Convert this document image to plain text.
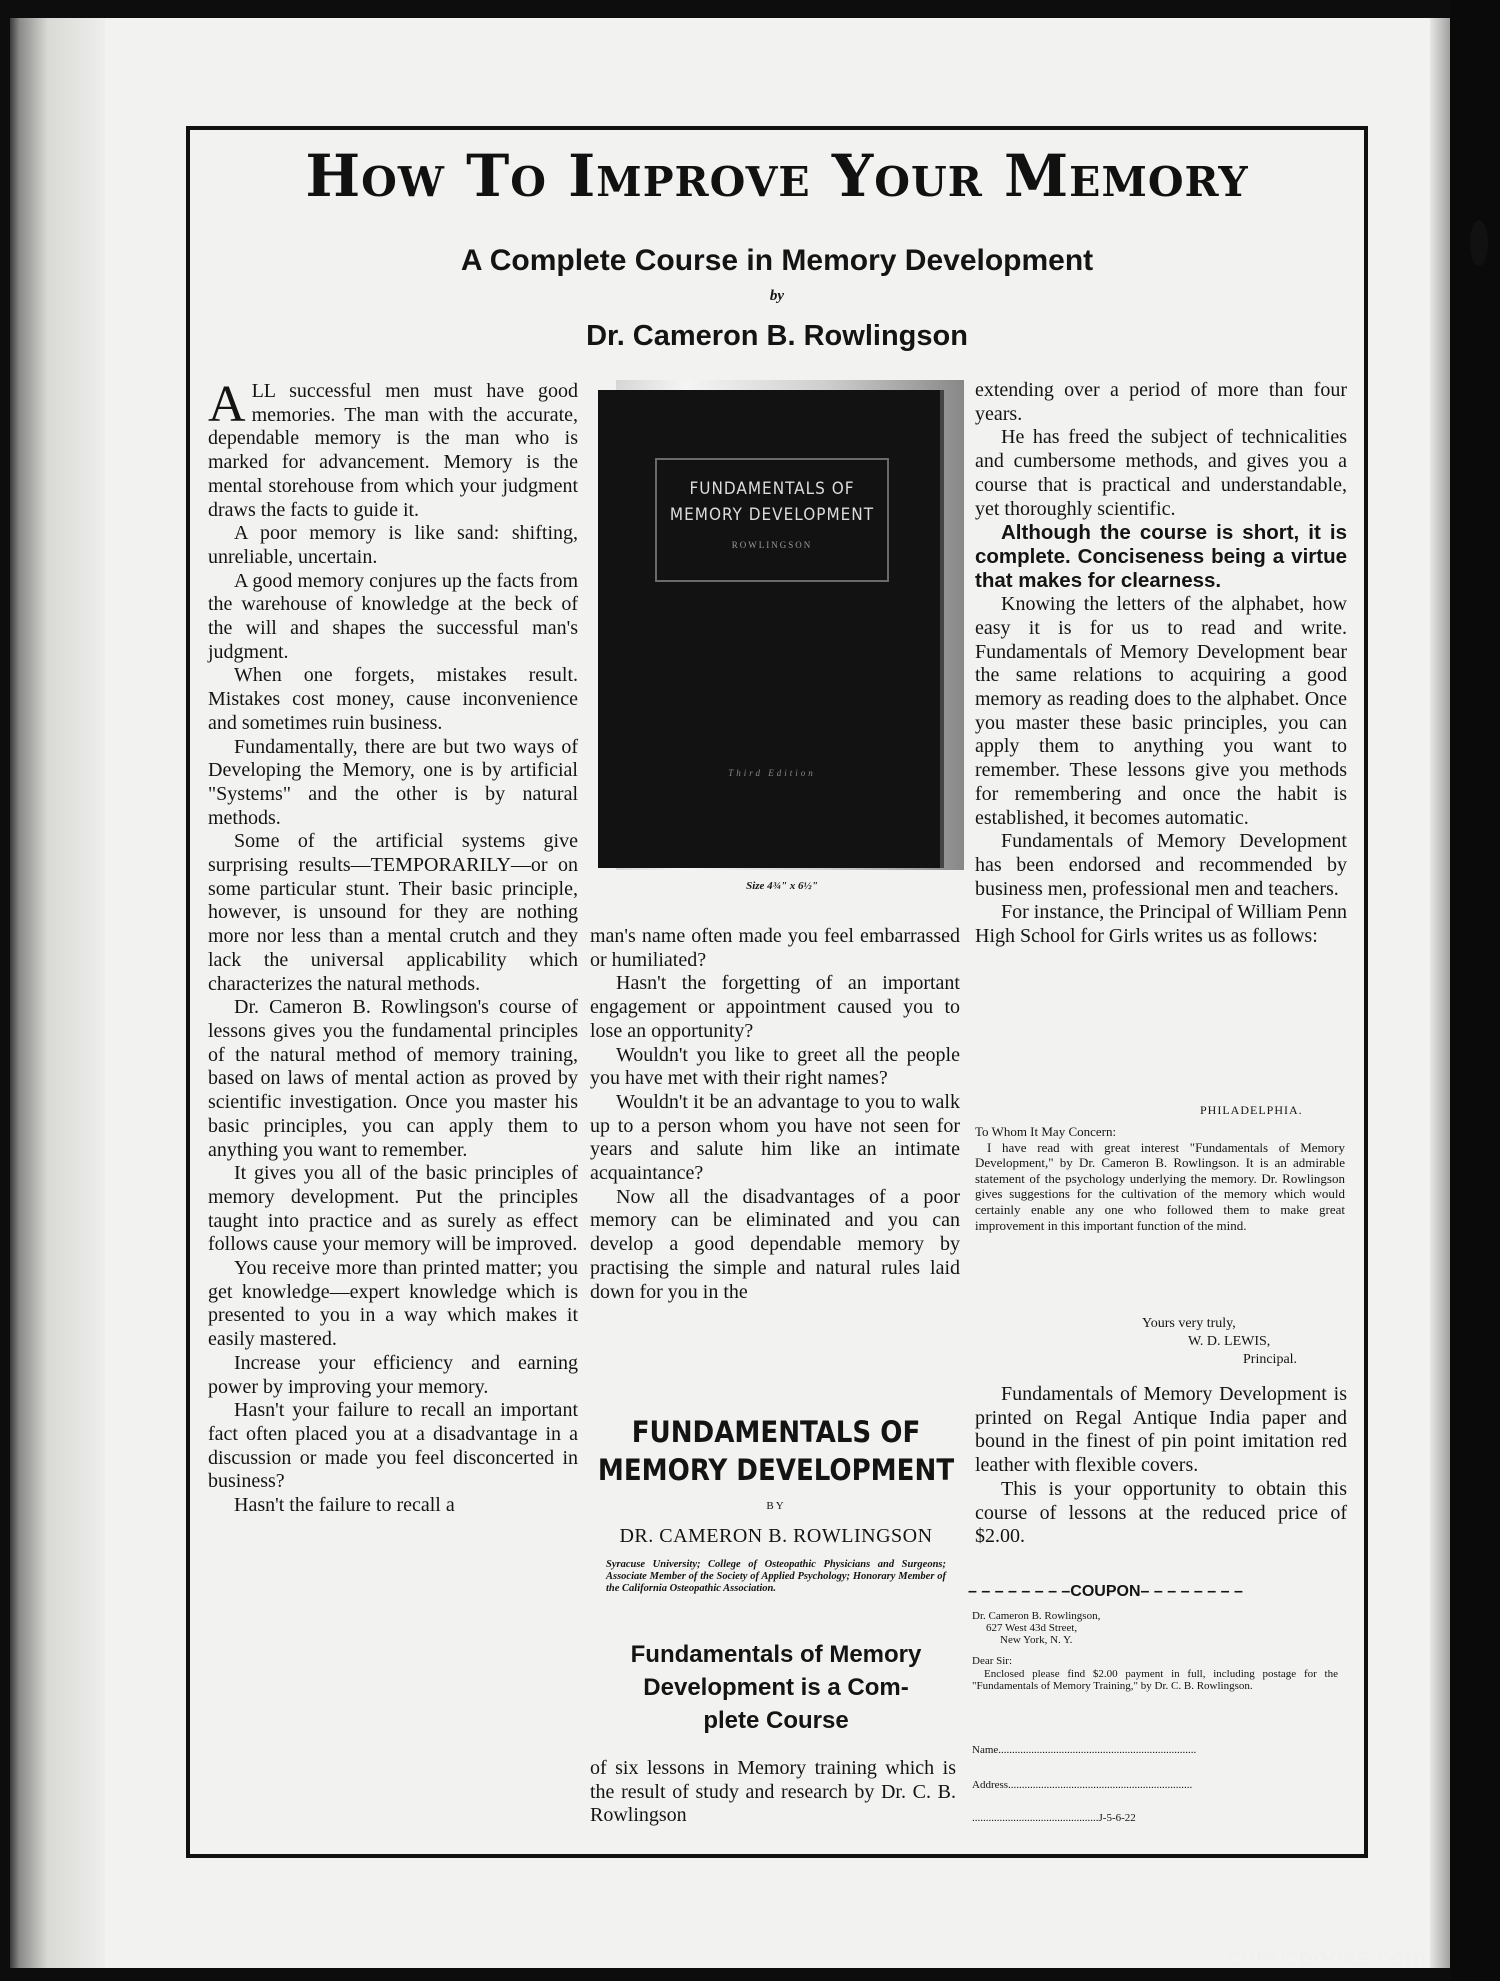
How To Improve Your Memory
A Complete Course in Memory Development
by
Dr. Cameron B. Rowlingson

ALL successful men must have good memories. The man with the accurate, dependable memory is the man who is marked for advancement. Memory is the mental storehouse from which your judgment draws the facts to guide it.

A poor memory is like sand: shifting, unreliable, uncertain.

A good memory conjures up the facts from the warehouse of knowledge at the beck of the will and shapes the successful man's judgment.

When one forgets, mistakes result. Mistakes cost money, cause inconvenience and sometimes ruin business.

Fundamentally, there are but two ways of Developing the Memory, one is by artificial "Systems" and the other is by natural methods.

Some of the artificial systems give surprising results—TEMPORARILY—or on some particular stunt. Their basic principle, however, is unsound for they are nothing more nor less than a mental crutch and they lack the universal applicability which characterizes the natural methods.

Dr. Cameron B. Rowlingson's course of lessons gives you the fundamental principles of the natural method of memory training, based on laws of mental action as proved by scientific investigation. Once you master his basic principles, you can apply them to anything you want to remember.

It gives you all of the basic principles of memory development. Put the principles taught into practice and as surely as effect follows cause your memory will be improved.

You receive more than printed matter; you get knowledge—expert knowledge which is presented to you in a way which makes it easily mastered.

Increase your efficiency and earning power by improving your memory.

Hasn't your failure to recall an important fact often placed you at a disadvantage in a discussion or made you feel disconcerted in business?

Hasn't the failure to recall a

FUNDAMENTALS OF
MEMORY DEVELOPMENT
ROWLINGSON
Third Edition
Size 4¾" x 6½"

man's name often made you feel embarrassed or humiliated?

Hasn't the forgetting of an important engagement or appointment caused you to lose an opportunity?

Wouldn't you like to greet all the people you have met with their right names?

Wouldn't it be an advantage to you to walk up to a person whom you have not seen for years and salute him like an intimate acquaintance?

Now all the disadvantages of a poor memory can be eliminated and you can develop a good dependable memory by practising the simple and natural rules laid down for you in the

FUNDAMENTALS OF
MEMORY DEVELOPMENT
BY
DR. CAMERON B. ROWLINGSON
Syracuse University; College of Osteopathic Physicians and Surgeons; Associate Member of the Society of Applied Psychology; Honorary Member of the California Osteopathic Association.
Fundamentals of Memory
Development is a Com-
plete Course

of six lessons in Memory training which is the result of study and research by Dr. C. B. Rowlingson

extending over a period of more than four years.

He has freed the subject of technicalities and cumbersome methods, and gives you a course that is practical and understandable, yet thoroughly scientific.

Although the course is short, it is complete. Conciseness being a virtue that makes for clearness.

Knowing the letters of the alphabet, how easy it is for us to read and write. Fundamentals of Memory Development bear the same relations to acquiring a good memory as reading does to the alphabet. Once you master these basic principles, you can apply them to anything you want to remember. These lessons give you methods for remembering and once the habit is established, it becomes automatic.

Fundamentals of Memory Development has been endorsed and recommended by business men, professional men and teachers.

For instance, the Principal of William Penn High School for Girls writes us as follows:

PHILADELPHIA.

To Whom It May Concern:

I have read with great interest "Fundamentals of Memory Development," by Dr. Cameron B. Rowlingson. It is an admirable statement of the psychology underlying the memory. Dr. Rowlingson gives suggestions for the cultivation of the memory which would certainly enable any one who followed them to make great improvement in this important function of the mind.

Yours very truly,
W. D. LEWIS,
Principal.

Fundamentals of Memory Development is printed on Regal Antique India paper and bound in the finest of pin point imitation red leather with flexible covers.

This is your opportunity to obtain this course of lessons at the reduced price of $2.00.

– – – – – – – –COUPON– – – – – – – –
Dr. Cameron B. Rowlingson,
627 West 43d Street,
New York, N. Y.
Dear Sir:
Enclosed please find $2.00 payment in full, including postage for the "Fundamentals of Memory Training," by Dr. C. B. Rowlingson.
Name........................................................................
Address...................................................................
..............................................J-5-6-22
comicbooks.com
